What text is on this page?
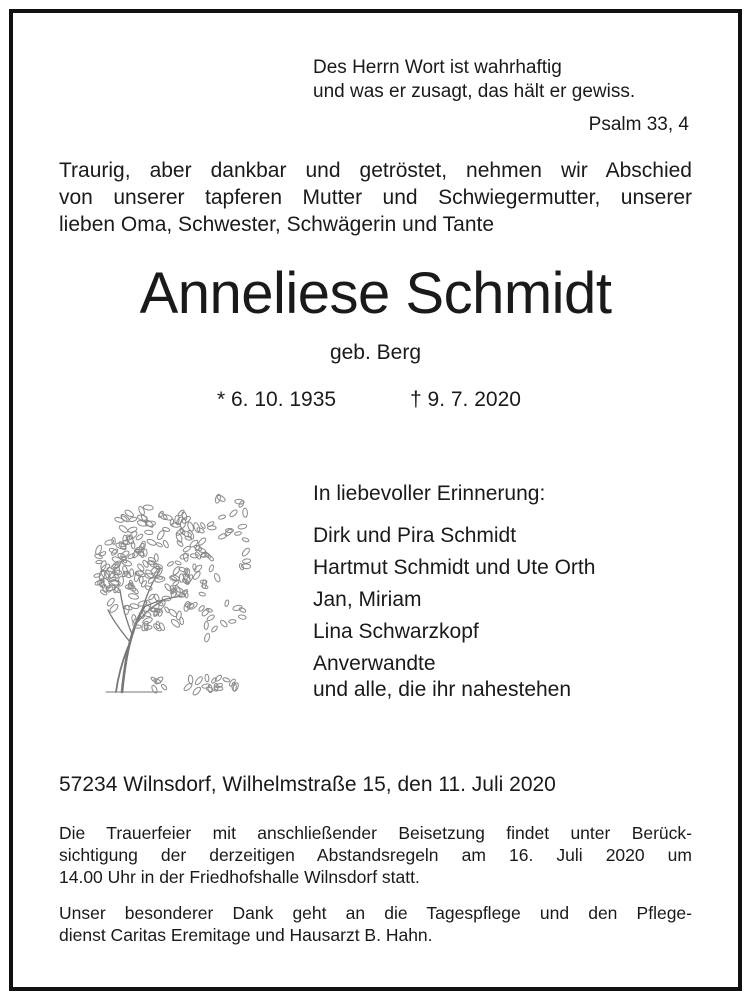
Des Herrn Wort ist wahrhaftig
und was er zusagt, das hält er gewiss.
Psalm 33, 4
Traurig, aber dankbar und getröstet, nehmen wir Abschied
von unserer tapferen Mutter und Schwiegermutter, unserer
lieben Oma, Schwester, Schwägerin und Tante
Anneliese Schmidt
geb. Berg
* 6. 10. 1935	† 9. 7. 2020
In liebevoller Erinnerung:
Dirk und Pira Schmidt
Hartmut Schmidt und Ute Orth
Jan, Miriam
Lina Schwarzkopf
Anverwandte
und alle, die ihr nahestehen
57234 Wilnsdorf, Wilhelmstraße 15, den 11. Juli 2020
Die Trauerfeier mit anschließender Beisetzung findet unter Berück-
sichtigung der derzeitigen Abstandsregeln am 16. Juli 2020 um
14.00 Uhr in der Friedhofshalle Wilnsdorf statt.
Unser besonderer Dank geht an die Tagespflege und den Pflege-
dienst Caritas Eremitage und Hausarzt B. Hahn.
